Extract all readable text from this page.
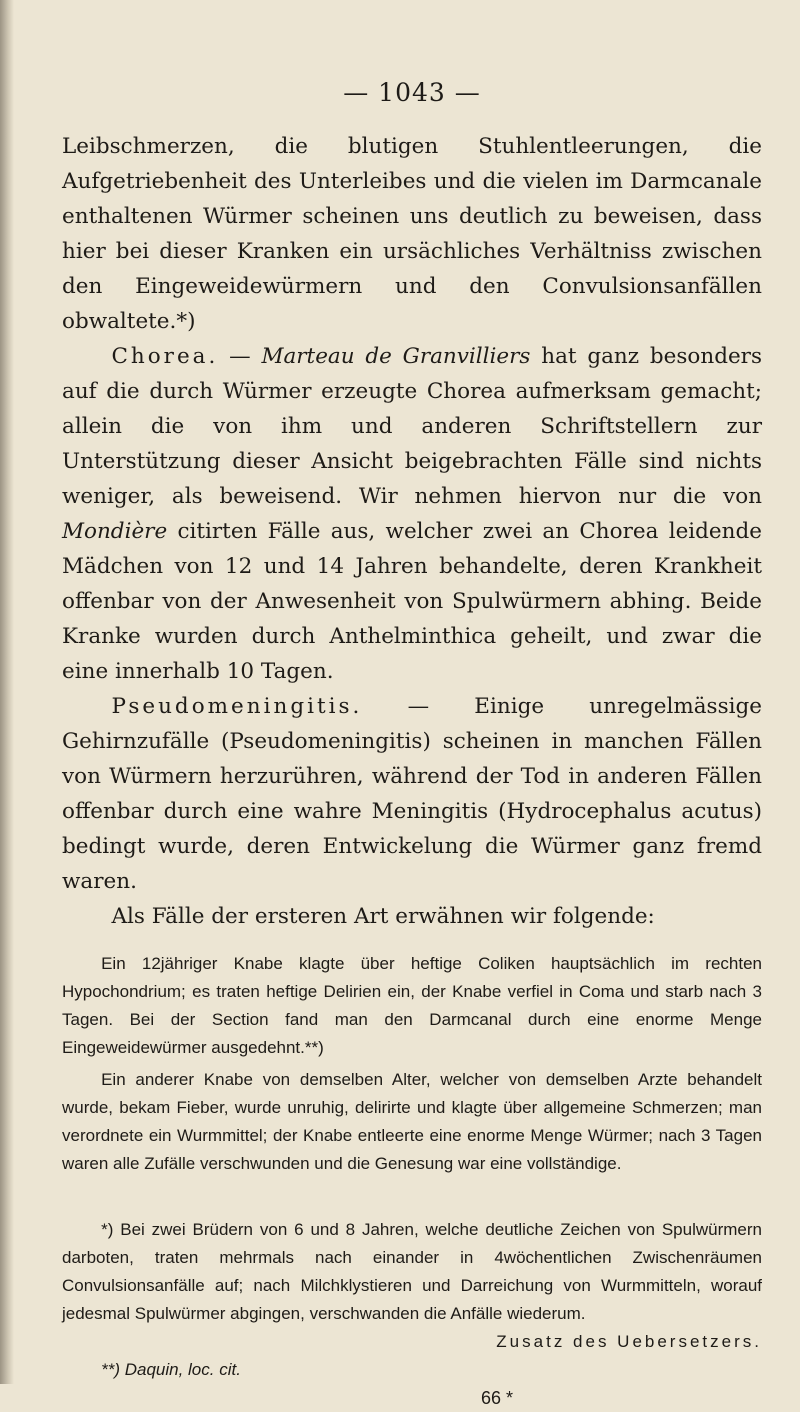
— 1043 —

Leibschmerzen, die blutigen Stuhlentleerungen, die Aufgetriebenheit des Unterleibes und die vielen im Darmcanale enthaltenen Würmer scheinen uns deutlich zu beweisen, dass hier bei dieser Kranken ein ursächliches Verhältniss zwischen den Eingeweidewürmern und den Convulsionsanfällen obwaltete.*)

Chorea. — Marteau de Granvilliers hat ganz besonders auf die durch Würmer erzeugte Chorea aufmerksam gemacht; allein die von ihm und anderen Schriftstellern zur Unterstützung dieser Ansicht beigebrachten Fälle sind nichts weniger, als beweisend. Wir nehmen hiervon nur die von Mondière citirten Fälle aus, welcher zwei an Chorea leidende Mädchen von 12 und 14 Jahren behandelte, deren Krankheit offenbar von der Anwesenheit von Spulwürmern abhing. Beide Kranke wurden durch Anthelminthica geheilt, und zwar die eine innerhalb 10 Tagen.

Pseudomeningitis. — Einige unregelmässige Gehirnzufälle (Pseudomeningitis) scheinen in manchen Fällen von Würmern herzurühren, während der Tod in anderen Fällen offenbar durch eine wahre Meningitis (Hydrocephalus acutus) bedingt wurde, deren Entwickelung die Würmer ganz fremd waren.

Als Fälle der ersteren Art erwähnen wir folgende:

Ein 12jähriger Knabe klagte über heftige Coliken hauptsächlich im rechten Hypochondrium; es traten heftige Delirien ein, der Knabe verfiel in Coma und starb nach 3 Tagen. Bei der Section fand man den Darmcanal durch eine enorme Menge Eingeweidewürmer ausgedehnt.**)

Ein anderer Knabe von demselben Alter, welcher von demselben Arzte behandelt wurde, bekam Fieber, wurde unruhig, delirirte und klagte über allgemeine Schmerzen; man verordnete ein Wurmmittel; der Knabe entleerte eine enorme Menge Würmer; nach 3 Tagen waren alle Zufälle verschwunden und die Genesung war eine vollständige.

*) Bei zwei Brüdern von 6 und 8 Jahren, welche deutliche Zeichen von Spulwürmern darboten, traten mehrmals nach einander in 4wöchentlichen Zwischenräumen Convulsionsanfälle auf; nach Milchklystieren und Darreichung von Wurmmitteln, worauf jedesmal Spulwürmer abgingen, verschwanden die Anfälle wiederum.

Zusatz des Uebersetzers.

**) Daquin, loc. cit.

66 *
